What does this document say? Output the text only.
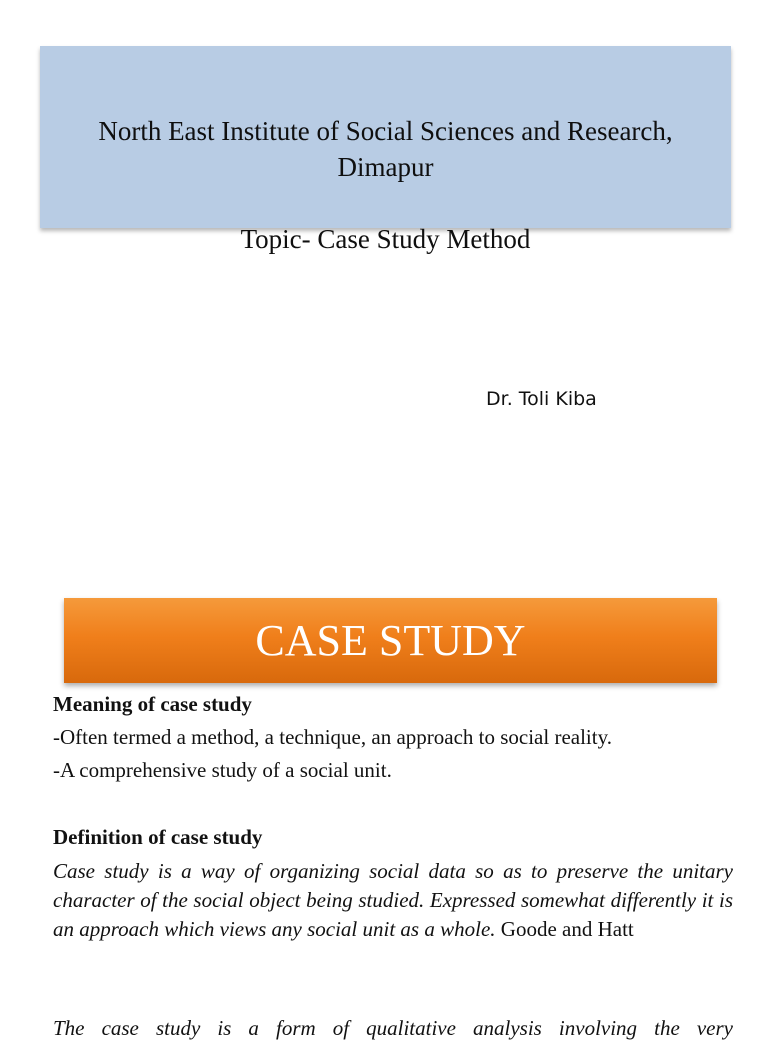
North East Institute of Social Sciences and Research,
Dimapur
Topic- Case Study Method
Dr. Toli Kiba
CASE STUDY
Meaning of case study
-Often termed a method, a technique, an approach to social reality.
-A comprehensive study of a social unit.
Definition of case study
Case study is a way of organizing social data so as to preserve the unitary character of the social object being studied. Expressed somewhat differently it is an approach which views any social unit as a whole. Goode and Hatt
The case study is a form of qualitative analysis involving the very
